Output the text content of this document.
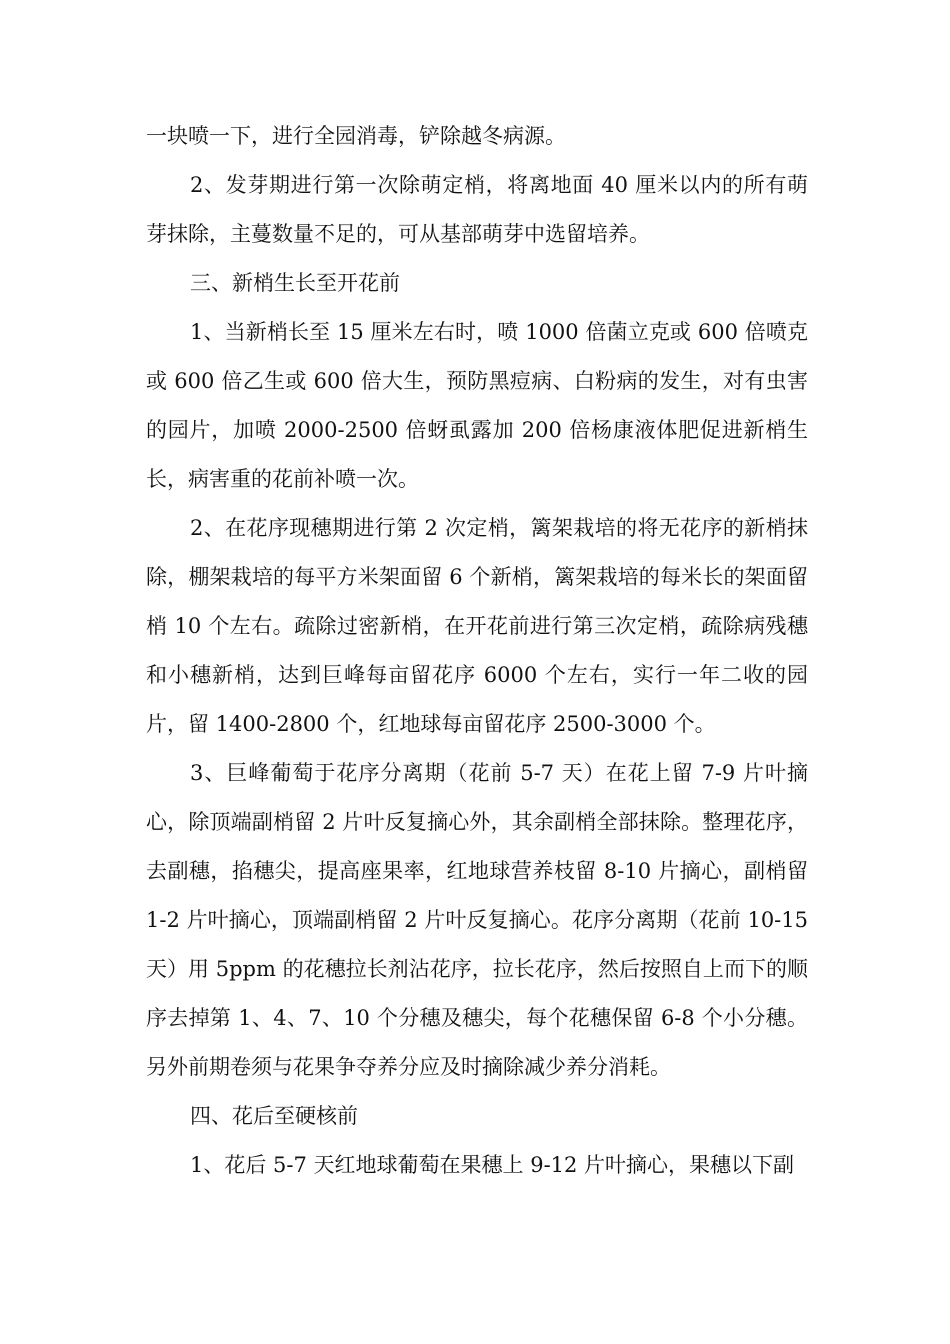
一块喷一下，进行全园消毒，铲除越冬病源。

2、发芽期进行第一次除萌定梢，将离地面 40 厘米以内的所有萌芽抹除，主蔓数量不足的，可从基部萌芽中选留培养。

三、新梢生长至开花前

1、当新梢长至 15 厘米左右时，喷 1000 倍菌立克或 600 倍喷克或 600 倍乙生或 600 倍大生，预防黑痘病、白粉病的发生，对有虫害的园片，加喷 2000-2500 倍蚜虱露加 200 倍杨康液体肥促进新梢生长，病害重的花前补喷一次。

2、在花序现穗期进行第 2 次定梢，篱架栽培的将无花序的新梢抹除，棚架栽培的每平方米架面留 6 个新梢，篱架栽培的每米长的架面留梢 10 个左右。疏除过密新梢，在开花前进行第三次定梢，疏除病残穗和小穗新梢，达到巨峰每亩留花序 6000 个左右，实行一年二收的园片，留 1400-2800 个，红地球每亩留花序 2500-3000 个。

3、巨峰葡萄于花序分离期（花前 5-7 天）在花上留 7-9 片叶摘心，除顶端副梢留 2 片叶反复摘心外，其余副梢全部抹除。整理花序，去副穗，掐穗尖，提高座果率，红地球营养枝留 8-10 片摘心，副梢留 1-2 片叶摘心，顶端副梢留 2 片叶反复摘心。花序分离期（花前 10-15 天）用 5ppm 的花穗拉长剂沾花序，拉长花序，然后按照自上而下的顺序去掉第 1、4、7、10 个分穗及穗尖，每个花穗保留 6-8 个小分穗。另外前期卷须与花果争夺养分应及时摘除减少养分消耗。

四、花后至硬核前

1、花后 5-7 天红地球葡萄在果穗上 9-12 片叶摘心，果穗以下副
